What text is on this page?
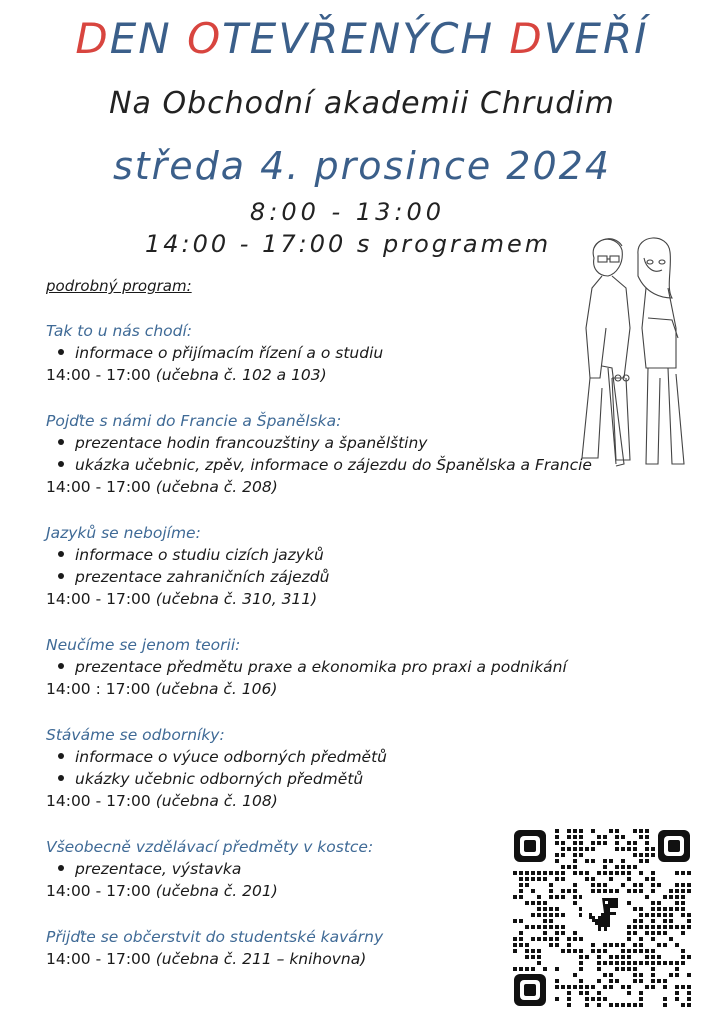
DEN OTEVŘENÝCH DVEŘÍ
Na Obchodní akademii Chrudim
středa 4. prosince 2024
8:00 - 13:00
14:00 - 17:00 s programem
podrobný program:
Tak to u nás chodí:
informace o přijímacím řízení a o studiu
14:00 - 17:00 (učebna č. 102 a 103)
Pojďte s námi do Francie a Španělska:
prezentace hodin francouzštiny a španělštiny
ukázka učebnic, zpěv, informace o zájezdu do Španělska a Francie
14:00 - 17:00 (učebna č. 208)
Jazyků se nebojíme:
informace o studiu cizích jazyků
prezentace zahraničních zájezdů
14:00 - 17:00 (učebna č. 310, 311)
Neučíme se jenom teorii:
prezentace předmětu praxe a ekonomika pro praxi a podnikání
14:00 : 17:00 (učebna č. 106)
Stáváme se odborníky:
informace o výuce odborných předmětů
ukázky učebnic odborných předmětů
14:00 - 17:00 (učebna č. 108)
Všeobecně vzdělávací předměty v kostce:
prezentace, výstavka
14:00 - 17:00 (učebna č. 201)
Přijďte se občerstvit do studentské kavárny
14:00 - 17:00 (učebna č. 211 – knihovna)
